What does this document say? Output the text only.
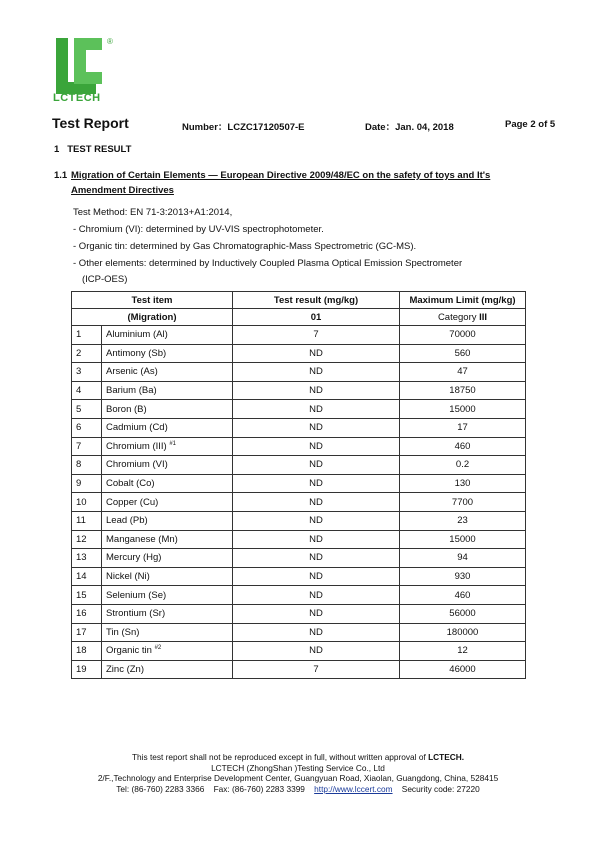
®
LCTECH
Test Report	Number：LCZC17120507-E	Date：Jan. 04, 2018	Page 2 of 5
1 TEST RESULT
1.1 Migration of Certain Elements — European Directive 2009/48/EC on the safety of toys and It's Amendment Directives
Test Method: EN 71-3:2013+A1:2014,
- Chromium (VI): determined by UV-VIS spectrophotometer.
- Organic tin: determined by Gas Chromatographic-Mass Spectrometric (GC-MS).
- Other elements: determined by Inductively Coupled Plasma Optical Emission Spectrometer
(ICP-OES)
Test item		Test result (mg/kg)	Maximum Limit (mg/kg)
(Migration)		01	Category III
1	Aluminium (Al)	7	70000
2	Antimony (Sb)	ND	560
3	Arsenic (As)	ND	47
4	Barium (Ba)	ND	18750
5	Boron (B)	ND	15000
6	Cadmium (Cd)	ND	17
7	Chromium (III) $^{\#1}$	ND	460
8	Chromium (VI)	ND	0.2
9	Cobalt (Co)	ND	130
10	Copper (Cu)	ND	7700
11	Lead (Pb)	ND	23
12	Manganese (Mn)	ND	15000
13	Mercury (Hg)	ND	94
14	Nickel (Ni)	ND	930
15	Selenium (Se)	ND	460
16	Strontium (Sr)	ND	56000
17	Tin (Sn)	ND	180000
18	Organic tin $^{\#2}$	ND	12
19	Zinc (Zn)	7	46000
This test report shall not be reproduced except in full, without written approval of LCTECH.
LCTECH (ZhongShan )Testing Service Co., Ltd
2/F.,Technology and Enterprise Development Center, Guangyuan Road, Xiaolan, Guangdong, China, 528415
Tel: (86-760) 2283 3366 Fax: (86-760) 2283 3399 http://www.lccert.com Security code: 27220
